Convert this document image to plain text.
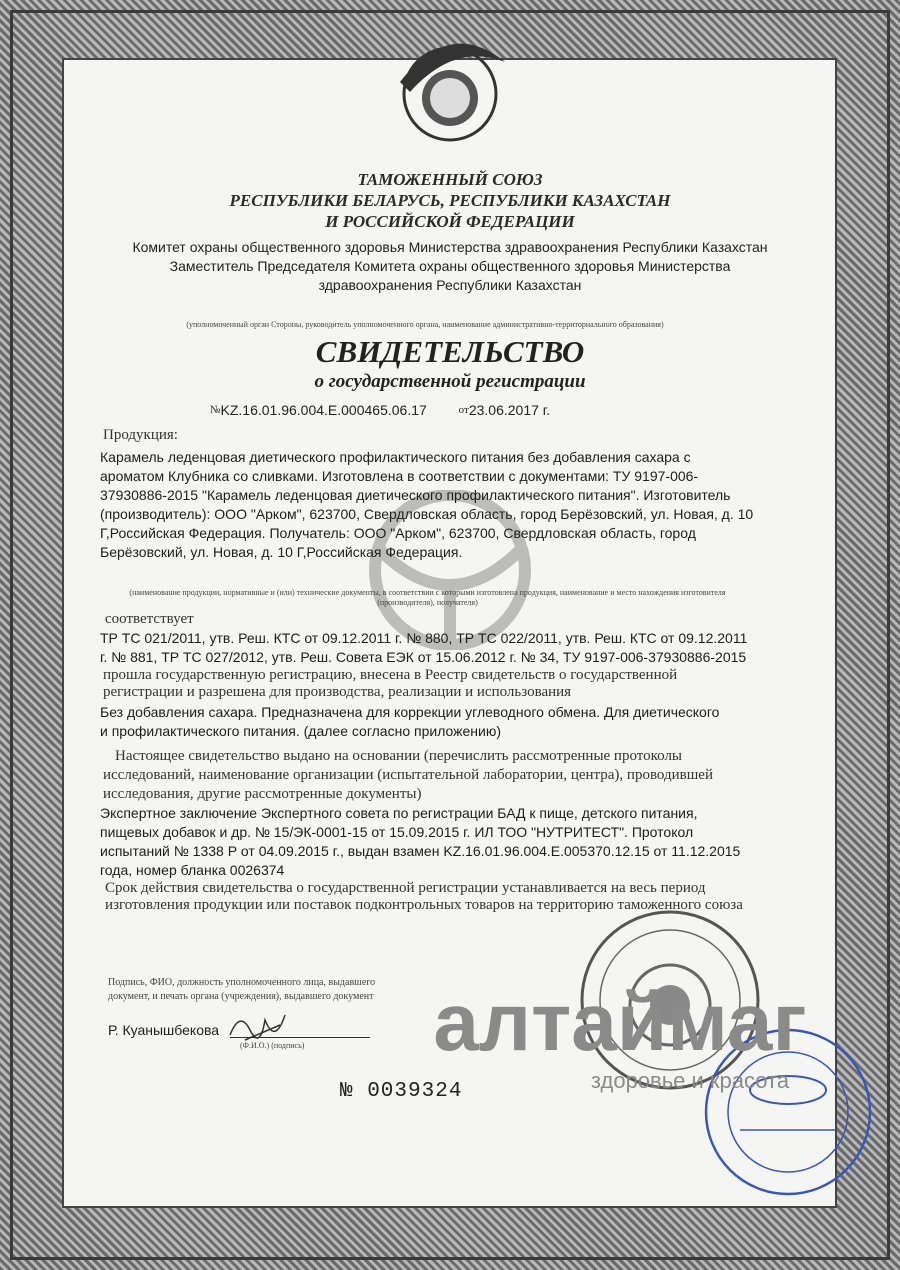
ТАМОЖЕННЫЙ СОЮЗ
РЕСПУБЛИКИ БЕЛАРУСЬ, РЕСПУБЛИКИ КАЗАХСТАН
И РОССИЙСКОЙ ФЕДЕРАЦИИ
Комитет охраны общественного здоровья Министерства здравоохранения Республики Казахстан
Заместитель Председателя Комитета охраны общественного здоровья Министерства
здравоохранения Республики Казахстан
(уполномоченный орган Стороны, руководитель уполномоченного органа, наименование административно-территориального образования)
СВИДЕТЕЛЬСТВО
о государственной регистрации
№KZ.16.01.96.004.E.000465.06.17	$^{от}$23.06.2017 г.
Продукция:
Карамель леденцовая диетического профилактического питания без добавления сахара с ароматом Клубника со сливками. Изготовлена в соответствии с документами: ТУ 9197-006-37930886-2015 "Карамель леденцовая диетического профилактического питания". Изготовитель (производитель): ООО "Арком", 623700, Свердловская область, город Берёзовский, ул. Новая, д. 10 Г,Российская Федерация. Получатель: ООО "Арком", 623700, Свердловская область, город Берёзовский, ул. Новая, д. 10 Г,Российская Федерация.
(наименование продукции, нормативные и (или) технические документы, в соответствии с которыми изготовлена продукция, наименование и место нахождения изготовителя (производителя), получателя)
соответствует
ТР ТС 021/2011, утв. Реш. КТС от 09.12.2011 г. № 880, ТР ТС 022/2011, утв. Реш. КТС от 09.12.2011 г. № 881, ТР ТС 027/2012, утв. Реш. Совета ЕЭК от 15.06.2012 г. № 34, ТУ 9197-006-37930886-2015
прошла государственную регистрацию, внесена в Реестр свидетельств о государственной регистрации и разрешена для производства, реализации и использования
Без добавления сахара. Предназначена для коррекции углеводного обмена. Для диетического и профилактического питания. (далее согласно приложению)
Настоящее свидетельство выдано на основании (перечислить рассмотренные протоколы исследований, наименование организации (испытательной лаборатории, центра), проводившей исследования, другие рассмотренные документы)
Экспертное заключение Экспертного совета по регистрации БАД к пище, детского питания, пищевых добавок и др. № 15/ЭК-0001-15 от 15.09.2015 г. ИЛ ТОО "НУТРИТЕСТ". Протокол испытаний № 1338 Р от 04.09.2015 г., выдан взамен KZ.16.01.96.004.E.005370.12.15 от 11.12.2015 года, номер бланка 0026374
Срок действия свидетельства о государственной регистрации устанавливается на весь период изготовления продукции или поставок подконтрольных товаров на территорию таможенного союза
Подпись, ФИО, должность уполномоченного лица, выдавшего документ, и печать органа (учреждения), выдавшего документ
Р. Куанышбекова
(Ф.И.О.) (подпись)
№ 0039324
алтаймаг
здоровье и красота
